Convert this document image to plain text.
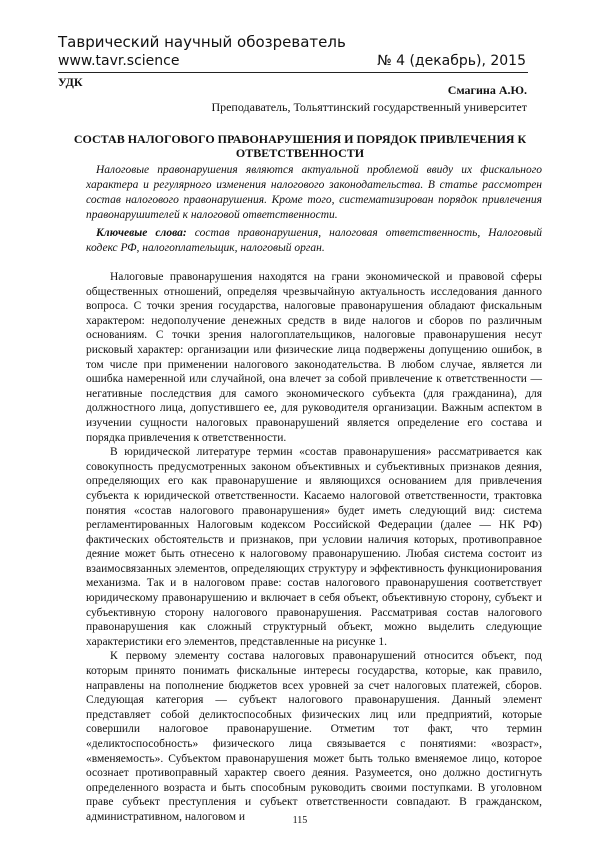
Таврический научный обозреватель
www.tavr.science	№ 4 (декабрь), 2015
УДК
Смагина А.Ю.
Преподаватель, Тольяттинский государственный университет
СОСТАВ НАЛОГОВОГО ПРАВОНАРУШЕНИЯ И ПОРЯДОК ПРИВЛЕЧЕНИЯ К ОТВЕТСТВЕННОСТИ

Налоговые правонарушения являются актуальной проблемой ввиду их фискального характера и регулярного изменения налогового законодательства. В статье рассмотрен состав налогового правонарушения. Кроме того, систематизирован порядок привлечения правонарушителей к налоговой ответственности.

Ключевые слова: состав правонарушения, налоговая ответственность, Налоговый кодекс РФ, налогоплательщик, налоговый орган.

Налоговые правонарушения находятся на грани экономической и правовой сферы общественных отношений, определяя чрезвычайную актуальность исследования данного вопроса. С точки зрения государства, налоговые правонарушения обладают фискальным характером: недополучение денежных средств в виде налогов и сборов по различным основаниям. С точки зрения налогоплательщиков, налоговые правонарушения несут рисковый характер: организации или физические лица подвержены допущению ошибок, в том числе при применении налогового законодательства. В любом случае, является ли ошибка намеренной или случайной, она влечет за собой привлечение к ответственности — негативные последствия для самого экономического субъекта (для гражданина), для должностного лица, допустившего ее, для руководителя организации. Важным аспектом в изучении сущности налоговых правонарушений является определение его состава и порядка привлечения к ответственности.

В юридической литературе термин «состав правонарушения» рассматривается как совокупность предусмотренных законом объективных и субъективных признаков деяния, определяющих его как правонарушение и являющихся основанием для привлечения субъекта к юридической ответственности. Касаемо налоговой ответственности, трактовка понятия «состав налогового правонарушения» будет иметь следующий вид: система регламентированных Налоговым кодексом Российской Федерации (далее — НК РФ) фактических обстоятельств и признаков, при условии наличия которых, противоправное деяние может быть отнесено к налоговому правонарушению. Любая система состоит из взаимосвязанных элементов, определяющих структуру и эффективность функционирования механизма. Так и в налоговом праве: состав налогового правонарушения соответствует юридическому правонарушению и включает в себя объект, объективную сторону, субъект и субъективную сторону налогового правонарушения. Рассматривая состав налогового правонарушения как сложный структурный объект, можно выделить следующие характеристики его элементов, представленные на рисунке 1.

К первому элементу состава налоговых правонарушений относится объект, под которым принято понимать фискальные интересы государства, которые, как правило, направлены на пополнение бюджетов всех уровней за счет налоговых платежей, сборов. Следующая категория — субъект налогового правонарушения. Данный элемент представляет собой деликтоспособных физических лиц или предприятий, которые совершили налоговое правонарушение. Отметим тот факт, что термин «деликтоспособность» физического лица связывается с понятиями: «возраст», «вменяемость». Субъектом правонарушения может быть только вменяемое лицо, которое осознает противоправный характер своего деяния. Разумеется, оно должно достигнуть определенного возраста и быть способным руководить своими поступками. В уголовном праве субъект преступления и субъект ответственности совпадают. В гражданском, административном, налоговом и	115
